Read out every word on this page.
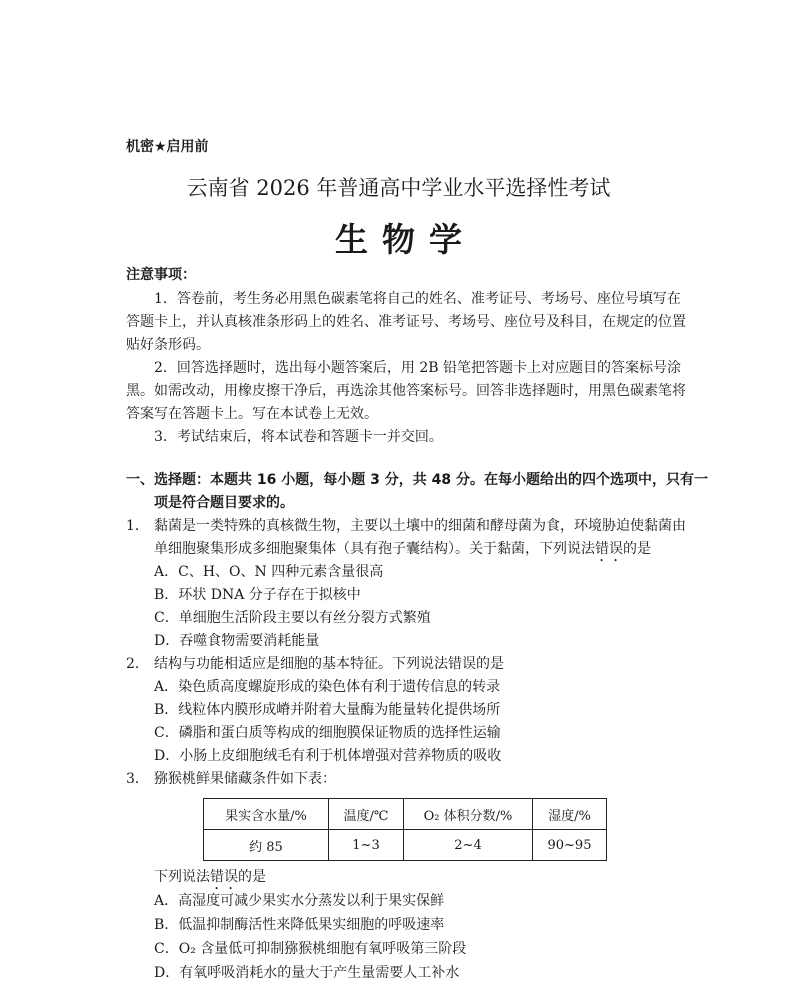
机密★启用前
云南省 2026 年普通高中学业水平选择性考试
生物学
注意事项：
1．答卷前，考生务必用黑色碳素笔将自己的姓名、准考证号、考场号、座位号填写在
答题卡上，并认真核准条形码上的姓名、准考证号、考场号、座位号及科目，在规定的位置
贴好条形码。
2．回答选择题时，选出每小题答案后，用 2B 铅笔把答题卡上对应题目的答案标号涂
黑。如需改动，用橡皮擦干净后，再选涂其他答案标号。回答非选择题时，用黑色碳素笔将
答案写在答题卡上。写在本试卷上无效。
3．考试结束后，将本试卷和答题卡一并交回。
一、选择题：本题共 16 小题，每小题 3 分，共 48 分。在每小题给出的四个选项中，只有一
项是符合题目要求的。
1． 黏菌是一类特殊的真核微生物，主要以土壤中的细菌和酵母菌为食，环境胁迫使黏菌由
单细胞聚集形成多细胞聚集体（具有孢子囊结构）。关于黏菌，下列说法错误的是
A．C、H、O、N 四种元素含量很高
B．环状 DNA 分子存在于拟核中
C．单细胞生活阶段主要以有丝分裂方式繁殖
D．吞噬食物需要消耗能量
2． 结构与功能相适应是细胞的基本特征。下列说法错误的是
A．染色质高度螺旋形成的染色体有利于遗传信息的转录
B．线粒体内膜形成嵴并附着大量酶为能量转化提供场所
C．磷脂和蛋白质等构成的细胞膜保证物质的选择性运输
D．小肠上皮细胞绒毛有利于机体增强对营养物质的吸收
3． 猕猴桃鲜果储藏条件如下表：
果实含水量/%	温度/℃	O₂ 体积分数/%	湿度/%
约 85	1~3	2~4	90~95
下列说法错误的是
A．高湿度可减少果实水分蒸发以利于果实保鲜
B．低温抑制酶活性来降低果实细胞的呼吸速率
C．O₂ 含量低可抑制猕猴桃细胞有氧呼吸第三阶段
D．有氧呼吸消耗水的量大于产生量需要人工补水
